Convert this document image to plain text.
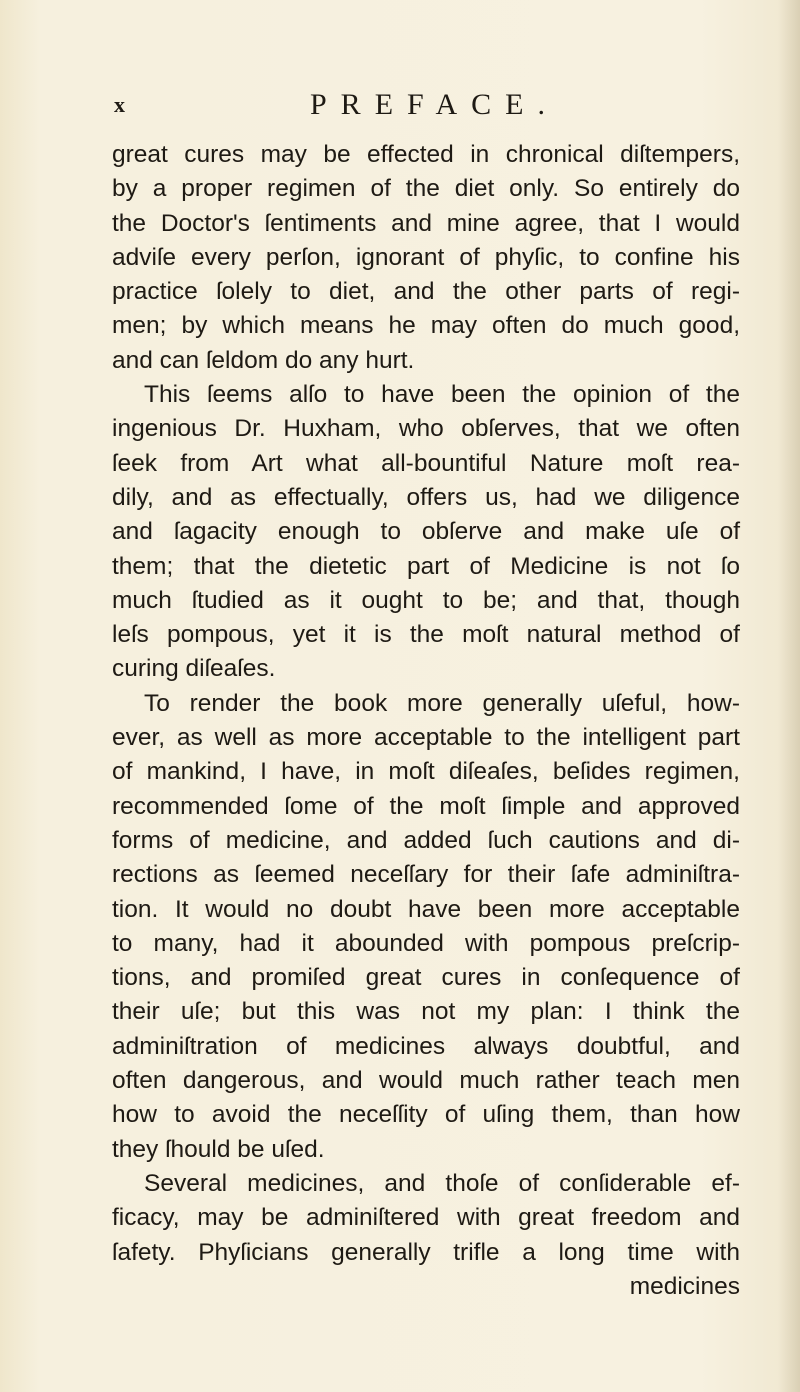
x	PREFACE.
great cures may be effected in chronical diſtempers,
by a proper regimen of the diet only. So entirely do
the Doctor's ſentiments and mine agree, that I would
adviſe every perſon, ignorant of phyſic, to confine his
practice ſolely to diet, and the other parts of regi-
men; by which means he may often do much good,
and can ſeldom do any hurt.
This ſeems alſo to have been the opinion of the
ingenious Dr. Huxham, who obſerves, that we often
ſeek from Art what all-bountiful Nature moſt rea-
dily, and as effectually, offers us, had we diligence
and ſagacity enough to obſerve and make uſe of
them; that the dietetic part of Medicine is not ſo
much ſtudied as it ought to be; and that, though
leſs pompous, yet it is the moſt natural method of
curing diſeaſes.
To render the book more generally uſeful, how-
ever, as well as more acceptable to the intelligent part
of mankind, I have, in moſt diſeaſes, beſides regimen,
recommended ſome of the moſt ſimple and approved
forms of medicine, and added ſuch cautions and di-
rections as ſeemed neceſſary for their ſafe adminiſtra-
tion. It would no doubt have been more acceptable
to many, had it abounded with pompous preſcrip-
tions, and promiſed great cures in conſequence of
their uſe; but this was not my plan: I think the
adminiſtration of medicines always doubtful, and
often dangerous, and would much rather teach men
how to avoid the neceſſity of uſing them, than how
they ſhould be uſed.
Several medicines, and thoſe of conſiderable ef-
ficacy, may be adminiſtered with great freedom and
ſafety. Phyſicians generally trifle a long time with
medicines
